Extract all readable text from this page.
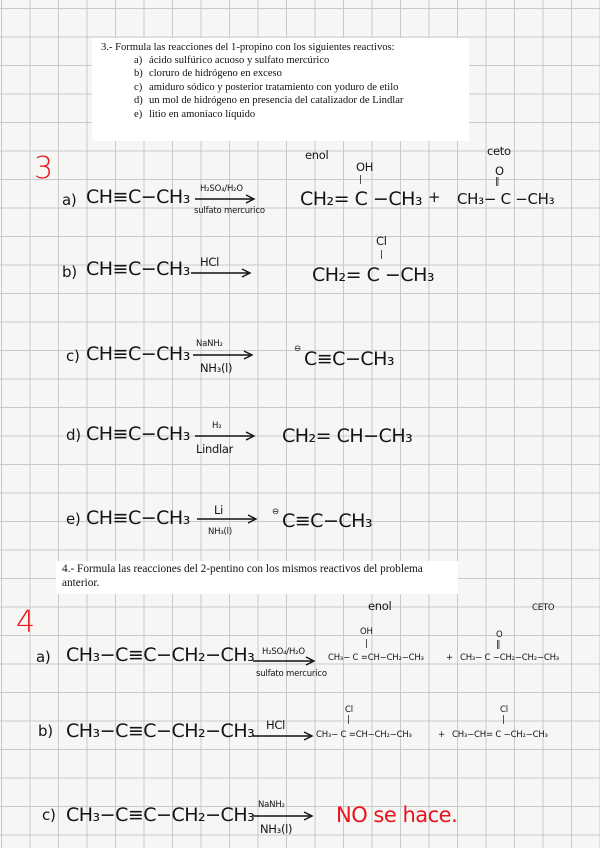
3.- Formula las reacciones del 1-propino con los siguientes reactivos:
a) ácido sulfúrico acuoso y sulfato mercúrico
b) cloruro de hidrógeno en exceso
c) amiduro sódico y posterior tratamiento con yoduro de etilo
d) un mol de hidrógeno en presencia del catalizador de Lindlar
e) litio en amoniaco líquido
4.- Formula las reacciones del 2-pentino con los mismos reactivos del problema anterior.
3
4
enol	ceto
a) CH≡C−CH₃ H₂SO₄/H₂O
sulfato mercurico
OH
|
CH₂= C −CH₃ +
O
‖
CH₃− C −CH₃
b) CH≡C−CH₃ HCl
Cl
|
CH₂= C −CH₃
c) CH≡C−CH₃ NaNH₂
NH₃(l)
⊖ C≡C−CH₃
d) CH≡C−CH₃	H₂
Lindlar
CH₂= CH−CH₃
e) CH≡C−CH₃ Li
NH₃(l)
⊖ C≡C−CH₃
enol	CETO
a) CH₃−C≡C−CH₂−CH₃ H₂SO₄/H₂O
sulfato mercurico
OH
|
CH₃− C =CH−CH₂−CH₃	+
O
‖
CH₃− C −CH₂−CH₂−CH₃
b) CH₃−C≡C−CH₂−CH₃ HCl
Cl
|
CH₃− C =CH−CH₂−CH₃	+
Cl
|
CH₃−CH= C −CH₂−CH₃
c) CH₃−C≡C−CH₂−CH₃ NaNH₂
NH₃(l)
NO se hace.
